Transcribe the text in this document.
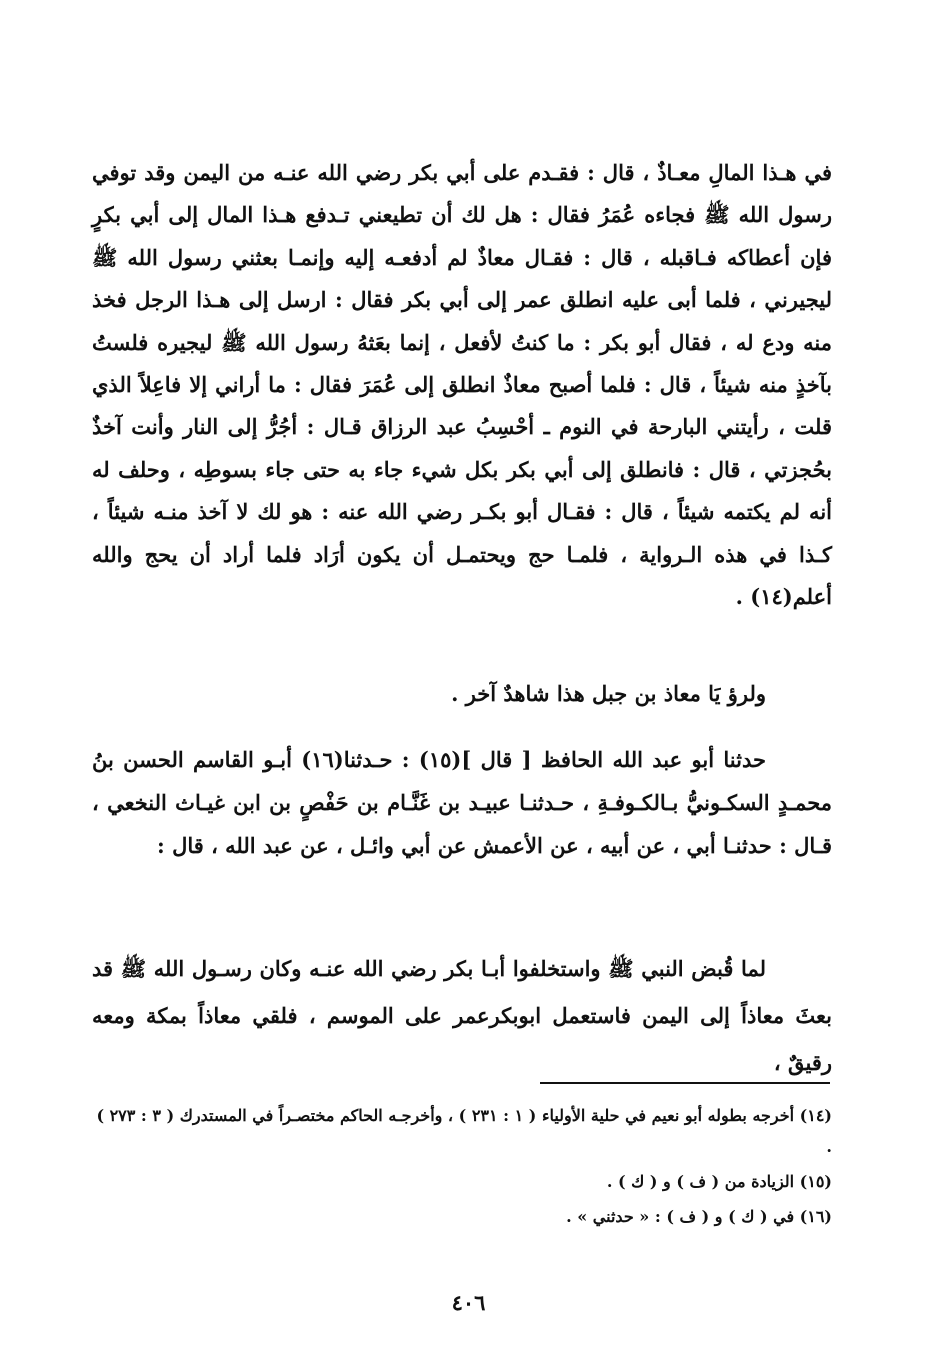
في هـذا المالِ معـاذٌ ، قال : فقـدم على أبي بكر رضي الله عنـه من اليمن وقد توفي رسول الله ﷺ فجاءه عُمَرُ فقال : هل لك أن تطيعني تـدفع هـذا المال إلى أبي بكرٍ فإن أعطاكه فـاقبله ، قال : فقـال معاذٌ لم أدفعـه إليه وإنمـا بعثني رسول الله ﷺ ليجيرني ، فلما أبى عليه انطلق عمر إلى أبي بكر فقال : ارسل إلى هـذا الرجل فخذ منه ودع له ، فقال أبو بكر : ما كنتُ لأفعل ، إنما بعَثهُ رسول الله ﷺ ليجيره فلستُ بآخذٍ منه شيئاً ، قال : فلما أصبح معاذٌ انطلق إلى عُمَرَ فقال : ما أراني إلا فاعِلاً الذي قلت ، رأيتني البارحة في النوم ـ أحْسِبُ عبد الرزاق قـال : أجُرُّ إلى النار وأنت آخذٌ بحُجزتي ، قال : فانطلق إلى أبي بكر بكل شيء جاء به حتى جاء بسوطِه ، وحلف له أنه لم يكتمه شيئاً ، قال : فقـال أبو بكـر رضي الله عنه : هو لك لا آخذ منـه شيئاً ، كـذا في هذه الـرواية ، فلمـا حج ويحتمـل أن يكون أرَاد فلما أراد أن يحج والله أعلم(١٤) .

ولرؤ يَا معاذ بن جبل هذا شاهدٌ آخر .

حدثنا أبو عبد الله الحافظ [ قال ](١٥) : حـدثنا(١٦) أبـو القاسم الحسن بنُ محمـدٍ السكـونيُّ بـالكـوفـةِ ، حـدثنـا عبيـد بن غَنَّـام بن حَفْصٍ بن ابن غيـاث النخعي ، قـال : حدثنـا أبي ، عن أبيه ، عن الأعمش عن أبي وائـل ، عن عبد الله ، قال :

لما قُبض النبي ﷺ واستخلفوا أبـا بكر رضي الله عنـه وكان رسـول الله ﷺ قد بعثَ معاذاً إلى اليمن فاستعمل ابوبكرعمر على الموسم ، فلقي معاذاً بمكة ومعه رقيقٌ ،

(١٤) أخرجه بطوله أبو نعيم في حلية الأولياء ( ١ : ٢٣١ ) ، وأخرجـه الحاكم مختصـراً في المستدرك ( ٣ : ٢٧٣ ) .

(١٥) الزيادة من ( ف ) و ( ك ) .

(١٦) في ( ك ) و ( ف ) : « حدثني » .

٤٠٦
